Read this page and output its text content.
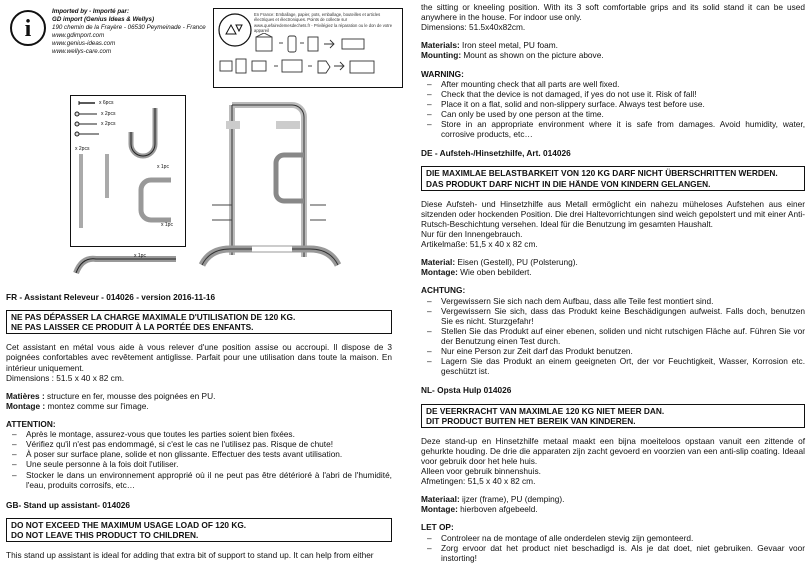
i

Imported by - Importé par:

GD import (Genius Ideas & Wellys)

190 chemin de la Frayère - 06530 Peymeinade - France

www.gdimport.com

www.genius-ideas.com

www.wellys-care.com

En France: Emballage, papier, pots, emballage, bouteilles et articles électriques et électroniques. Points de collecte sur www.quefairedemesdechets.fr - Privilégiez la réparation ou le don de votre appareil
x 6pcs
x 2pcs
x 2pcs
x 2pcs
x 1pc
x 1pc
x 1pc

FR - Assistant Releveur - 014026 - version 2016-11-16

NE PAS DÉPASSER LA CHARGE MAXIMALE D'UTILISATION DE 120 KG.

NE PAS LAISSER CE PRODUIT À LA PORTÉE DES ENFANTS.

Cet assistant en métal vous aide à vous relever d'une position assise ou accroupi. Il dispose de 3 poignées confortables avec revêtement antiglisse. Parfait pour une utilisation dans toute la maison. En intérieur uniquement.

Dimensions : 51.5 x 40 x 82 cm.

Matières : structure en fer, mousse des poignées en PU.

Montage : montez comme sur l'image.

ATTENTION:

– Après le montage, assurez-vous que toutes les parties soient bien fixées.
– Vérifiez qu'il n'est pas endommagé, si c'est le cas ne l'utilisez pas. Risque de chute!
– À poser sur surface plane, solide et non glissante. Effectuer des tests avant utilisation.
– Une seule personne à la fois doit l'utiliser.
– Stocker le dans un environnement approprié où il ne peut pas être détérioré à l'abri de l'humidité, l'eau, produits corrosifs, etc…

GB- Stand up assistant- 014026

DO NOT EXCEED THE MAXIMUM USAGE LOAD OF 120 KG.

DO NOT LEAVE THIS PRODUCT TO CHILDREN.

This stand up assistant is ideal for adding that extra bit of support to stand up. It can help from either

the sitting or kneeling position. With its 3 soft comfortable grips and its solid stand it can be used anywhere in the house. For indoor use only.

Dimensions: 51.5x40x82cm.

Materials: Iron steel metal, PU foam.

Mounting: Mount as shown on the picture above.

WARNING:

– After mounting check that all parts are well fixed.
– Check that the device is not damaged, if yes do not use it. Risk of fall!
– Place it on a flat, solid and non-slippery surface. Always test before use.
– Can only be used by one person at the time.
– Store in an appropriate environment where it is safe from damages. Avoid humidity, water, corrosive products, etc…

DE - Aufsteh-/Hinsetzhilfe, Art. 014026

DIE MAXIMLAE BELASTBARKEIT VON 120 KG DARF NICHT ÜBERSCHRITTEN WERDEN.

DAS PRODUKT DARF NICHT IN DIE HÄNDE VON KINDERN GELANGEN.

Diese Aufsteh- und Hinsetzhilfe aus Metall ermöglicht ein nahezu müheloses Aufstehen aus einer sitzenden oder hockenden Position. Die drei Haltevorrichtungen sind weich gepolstert und mit einer Anti-Rutsch-Beschichtung versehen. Ideal für die Benutzung im gesamten Haushalt.

Nur für den Innengebrauch.

Artikelmaße: 51,5 x 40 x 82 cm.

Material: Eisen (Gestell), PU (Polsterung).

Montage: Wie oben bebildert.

ACHTUNG:

– Vergewissern Sie sich nach dem Aufbau, dass alle Teile fest montiert sind.
– Vergewissern Sie sich, dass das Produkt keine Beschädigungen aufweist. Falls doch, benutzen Sie es nicht. Sturzgefahr!
– Stellen Sie das Produkt auf einer ebenen, soliden und nicht rutschigen Fläche auf. Führen Sie vor der Benutzung einen Test durch.
– Nur eine Person zur Zeit darf das Produkt benutzen.
– Lagern Sie das Produkt an einem geeigneten Ort, der vor Feuchtigkeit, Wasser, Korrosion etc. geschützt ist.

NL- Opsta Hulp 014026

DE VEERKRACHT VAN MAXIMLAE 120 KG NIET MEER DAN.

DIT PRODUCT BUITEN HET BEREIK VAN KINDEREN.

Deze stand-up en Hinsetzhilfe metaal maakt een bijna moeiteloos opstaan vanuit een zittende of gehurkte houding. De drie die apparaten zijn zacht gevoerd en voorzien van een anti-slip coating. Ideaal voor gebruik door het hele huis.

Alleen voor gebruik binnenshuis.

Afmetingen: 51,5 x 40 x 82 cm.

Materiaal: ijzer (frame), PU (demping).

Montage: hierboven afgebeeld.

LET OP:

– Controleer na de montage of alle onderdelen stevig zijn gemonteerd.
– Zorg ervoor dat het product niet beschadigd is. Als je dat doet, niet gebruiken. Gevaar voor instorting!
